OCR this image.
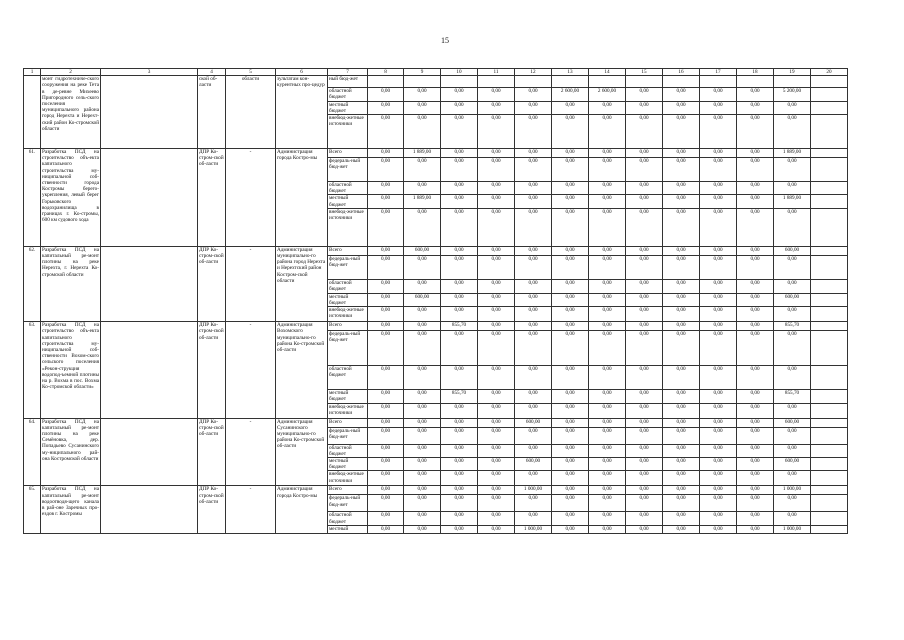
15
1	2	3	4	5	6	7	8	9	10	11	12	13	14	15	16	17	18	19	20
	монт гидротехниче-ского сооружения на реке Тета в де-ревне Михеево Пригородного сель-ского поселения муниципального района город Нерехта и Нерехт-ский район Ко-стромской области		ской об-ласти	области	зультатам кон-курентных про-цедур	ный бюд-жет													
						областной бюджет	0,00	0,00	0,00	0,00	0,00	2 600,00	2 600,00	0,00	0,00	0,00	0,00	5 200,00	
						местный бюджет	0,00	0,00	0,00	0,00	0,00	0,00	0,00	0,00	0,00	0,00	0,00	0,00	
						внебюд-жетные источники	0,00	0,00	0,00	0,00	0,00	0,00	0,00	0,00	0,00	0,00	0,00	0,00	
61.	Разработка ПСД на строительство объ-екта капитального строительства му-ниципальной соб-ственности города Костромы берего-укрепления, левый берег Горьковского водохранилища в границах г. Ко-стромы, 600 км судового хода		ДПР Ко-стром-ской об-ласти	-	Администрация города Костро-мы	Всего	0,00	1 889,00	0,00	0,00	0,00	0,00	0,00	0,00	0,00	0,00	0,00	1 889,00	
						федераль-ный бюд-жет	0,00	0,00	0,00	0,00	0,00	0,00	0,00	0,00	0,00	0,00	0,00	0,00	
						областной бюджет	0,00	0,00	0,00	0,00	0,00	0,00	0,00	0,00	0,00	0,00	0,00	0,00	
						местный бюджет	0,00	1 889,00	0,00	0,00	0,00	0,00	0,00	0,00	0,00	0,00	0,00	1 889,00	
						внебюд-жетные источники	0,00	0,00	0,00	0,00	0,00	0,00	0,00	0,00	0,00	0,00	0,00	0,00	
62.	Разработка ПСД на капитальный ре-монт плотины на реке Нерехта, г. Нерехта Ко-стромской области		ДПР Ко-стром-ской об-ласти	-	Администрация муниципально-го района город Нерехта и Нерехтский район Костром-ской области	Всего	0,00	600,00	0,00	0,00	0,00	0,00	0,00	0,00	0,00	0,00	0,00	600,00	
						федераль-ный бюд-жет	0,00	0,00	0,00	0,00	0,00	0,00	0,00	0,00	0,00	0,00	0,00	0,00	
						областной бюджет	0,00	0,00	0,00	0,00	0,00	0,00	0,00	0,00	0,00	0,00	0,00	0,00	
						местный бюджет	0,00	600,00	0,00	0,00	0,00	0,00	0,00	0,00	0,00	0,00	0,00	600,00	
						внебюд-жетные источники	0,00	0,00	0,00	0,00	0,00	0,00	0,00	0,00	0,00	0,00	0,00	0,00	
63.	Разработка ПСД на строительство объ-екта капитального строительства му-ниципальной соб-ственности Вохом-ского сельского поселения «Рекон-струкция водопод-ъемной плотины на р. Вохма в пос. Вохма Ко-стромской области»		ДПР Ко-стром-ской об-ласти	-	Администрация Вохомского муниципально-го района Ко-стромской об-ласти	Всего	0,00	0,00	855,70	0,00	0,00	0,00	0,00	0,00	0,00	0,00	0,00	855,70	
						федераль-ный бюд-жет	0,00	0,00	0,00	0,00	0,00	0,00	0,00	0,00	0,00	0,00	0,00	0,00	
						областной бюджет	0,00	0,00	0,00	0,00	0,00	0,00	0,00	0,00	0,00	0,00	0,00	0,00	
						местный бюджет	0,00	0,00	855,70	0,00	0,00	0,00	0,00	0,00	0,00	0,00	0,00	855,70	
						внебюд-жетные источники	0,00	0,00	0,00	0,00	0,00	0,00	0,00	0,00	0,00	0,00	0,00	0,00	
64.	Разработка ПСД на капитальный ре-монт плотины на реке Семёновка, дер. Попадьево Сусанинского му-ниципального рай-она Костромской области		ДПР Ко-стром-ской об-ласти	-	Администрация Сусанинского муниципально-го района Ко-стромской об-ласти	Всего	0,00	0,00	0,00	0,00	600,00	0,00	0,00	0,00	0,00	0,00	0,00	600,00	
						федераль-ный бюд-жет	0,00	0,00	0,00	0,00	0,00	0,00	0,00	0,00	0,00	0,00	0,00	0,00	
						областной бюджет	0,00	0,00	0,00	0,00	0,00	0,00	0,00	0,00	0,00	0,00	0,00	0,00	
						местный бюджет	0,00	0,00	0,00	0,00	600,00	0,00	0,00	0,00	0,00	0,00	0,00	600,00	
						внебюд-жетные источники	0,00	0,00	0,00	0,00	0,00	0,00	0,00	0,00	0,00	0,00	0,00	0,00	
65.	Разработка ПСД на капитальный ре-монт водоотводя-щего канала в рай-оне Заречных про-ездов г. Костромы		ДПР Ко-стром-ской об-ласти	-	Администрация города Костро-мы	Всего	0,00	0,00	0,00	0,00	1 000,00	0,00	0,00	0,00	0,00	0,00	0,00	1 000,00	
						федераль-ный бюд-жет	0,00	0,00	0,00	0,00	0,00	0,00	0,00	0,00	0,00	0,00	0,00	0,00	
						областной бюджет	0,00	0,00	0,00	0,00	0,00	0,00	0,00	0,00	0,00	0,00	0,00	0,00	
						местный	0,00	0,00	0,00	0,00	1 000,00	0,00	0,00	0,00	0,00	0,00	0,00	1 000,00	
